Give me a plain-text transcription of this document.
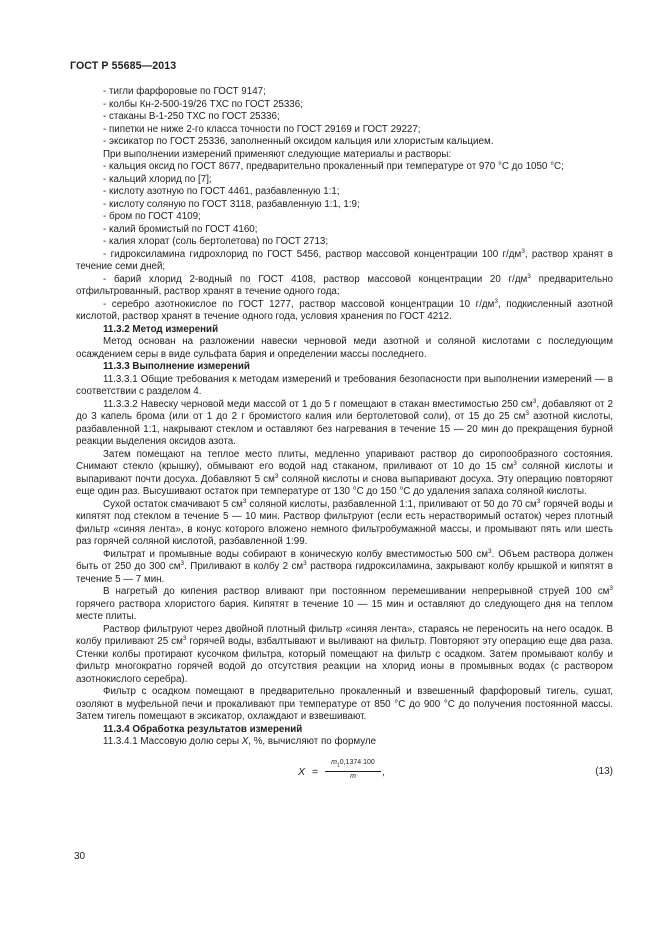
ГОСТ Р 55685—2013

- тигли фарфоровые по ГОСТ 9147;

- колбы Кн-2-500-19/26 ТХС по ГОСТ 25336;

- стаканы В-1-250 ТХС по ГОСТ 25336;

- пипетки не ниже 2-го класса точности по ГОСТ 29169 и ГОСТ 29227;

- эксикатор по ГОСТ 25336, заполненный оксидом кальция или хлористым кальцием.

При выполнении измерений применяют следующие материалы и растворы:

- кальция оксид по ГОСТ 8677, предварительно прокаленный при температуре от 970 °С до 1050 °С;

- кальций хлорид по [7];

- кислоту азотную по ГОСТ 4461, разбавленную 1:1;

- кислоту соляную по ГОСТ 3118, разбавленную 1:1, 1:9;

- бром по ГОСТ 4109;

- калий бромистый по ГОСТ 4160;

- калия хлорат (соль бертолетова) по ГОСТ 2713;

- гидроксиламина гидрохлорид по ГОСТ 5456, раствор массовой концентрации 100 $г/дм^3$, раствор хранят в течение семи дней;

- барий хлорид 2-водный по ГОСТ 4108, раствор массовой концентрации 20 $г/дм^3$ предварительно отфильтрованный, раствор хранят в течение одного года;

- серебро азотнокислое по ГОСТ 1277, раствор массовой концентрации 10 $г/дм^3$, подкисленный азотной кислотой, раствор хранят в течение одного года, условия хранения по ГОСТ 4212.

11.3.2 Метод измерений

Метод основан на разложении навески черновой меди азотной и соляной кислотами с последующим осаждением серы в виде сульфата бария и определении массы последнего.

11.3.3 Выполнение измерений

11.3.3.1 Общие требования к методам измерений и требования безопасности при выполнении измерений — в соответствии с разделом 4.

11.3.3.2 Навеску черновой меди массой от 1 до 5 г помещают в стакан вместимостью 250 $см^3$, добавляют от 2 до 3 капель брома (или от 1 до 2 г бромистого калия или бертолетовой соли), от 15 до 25 $см^3$ азотной кислоты, разбавленной 1:1, накрывают стеклом и оставляют без нагревания в течение 15 — 20 мин до прекращения бурной реакции выделения оксидов азота.

Затем помещают на теплое место плиты, медленно упаривают раствор до сиропообразного состояния. Снимают стекло (крышку), обмывают его водой над стаканом, приливают от 10 до 15 $см^3$ соляной кислоты и выпаривают почти досуха. Добавляют 5 $см^3$ соляной кислоты и снова выпаривают досуха. Эту операцию повторяют еще один раз. Высушивают остаток при температуре от 130 °С до 150 °С до удаления запаха соляной кислоты.

Сухой остаток смачивают 5 $см^3$ соляной кислоты, разбавленной 1:1, приливают от 50 до 70 $см^3$ горячей воды и кипятят под стеклом в течение 5 — 10 мин. Раствор фильтруют (если есть нерастворимый остаток) через плотный фильтр «синяя лента», в конус которого вложено немного фильтробумажной массы, и промывают пять или шесть раз горячей соляной кислотой, разбавленной 1:99.

Фильтрат и промывные воды собирают в коническую колбу вместимостью 500 $см^3$. Объем раствора должен быть от 250 до 300 $см^3$. Приливают в колбу 2 $см^3$ раствора гидроксиламина, закрывают колбу крышкой и кипятят в течение 5 — 7 мин.

В нагретый до кипения раствор вливают при постоянном перемешивании непрерывной струей 100 $см^3$ горячего раствора хлористого бария. Кипятят в течение 10 — 15 мин и оставляют до следующего дня на теплом месте плиты.

Раствор фильтруют через двойной плотный фильтр «синяя лента», стараясь не переносить на него осадок. В колбу приливают 25 $см^3$ горячей воды, взбалтывают и выливают на фильтр. Повторяют эту операцию еще два раза. Стенки колбы протирают кусочком фильтра, который помещают на фильтр с осадком. Затем промывают колбу и фильтр многократно горячей водой до отсутствия реакции на хлорид ионы в промывных водах (с раствором азотнокислого серебра).

Фильтр с осадком помещают в предварительно прокаленный и взвешенный фарфоровый тигель, сушат, озоляют в муфельной печи и прокаливают при температуре от 850 °С до 900 °С до получения постоянной массы. Затем тигель помещают в эксикатор, охлаждают и взвешивают.

11.3.4 Обработка результатов измерений

11.3.4.1 Массовую долю серы X, %, вычисляют по формуле

$X = \frac{m_10,1374 100}{m}$ ,	(13)
30
